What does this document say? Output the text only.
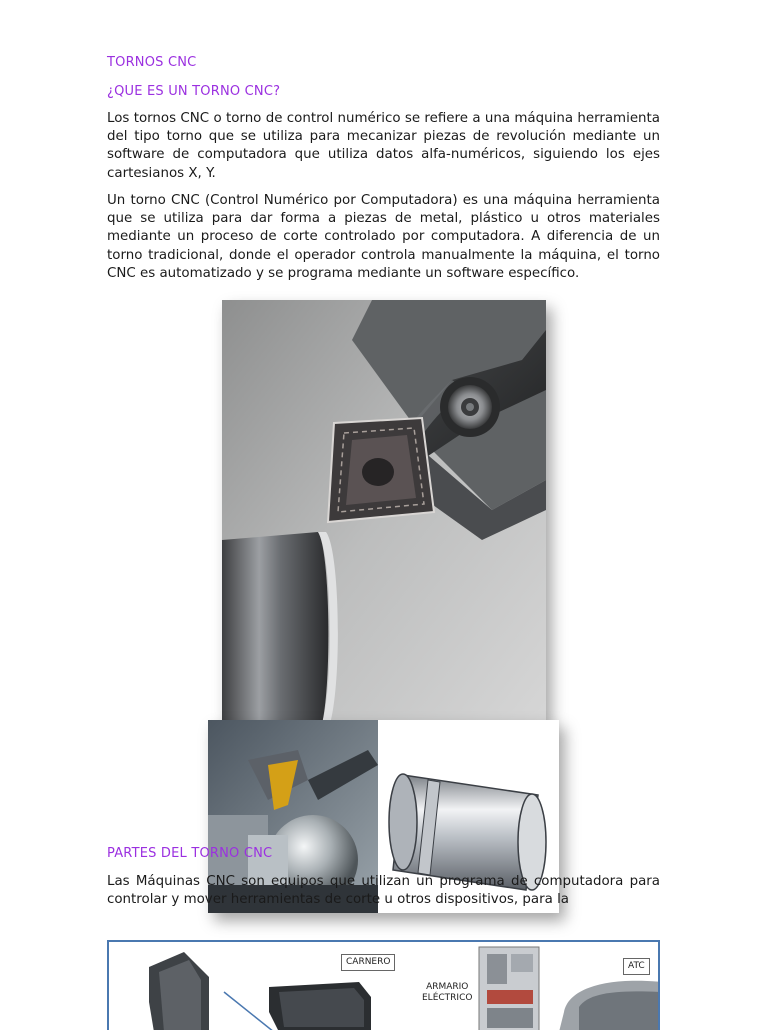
TORNOS CNC
¿QUE ES UN TORNO CNC?

Los tornos CNC o torno de control numérico se refiere a una máquina herramienta del tipo torno que se utiliza para mecanizar piezas de revolución mediante un software de computadora que utiliza datos alfa-numéricos, siguiendo los ejes cartesianos X, Y.

Un torno CNC (Control Numérico por Computadora) es una máquina herramienta que se utiliza para dar forma a piezas de metal, plástico u otros materiales mediante un proceso de corte controlado por computadora. A diferencia de un torno tradicional, donde el operador controla manualmente la máquina, el torno CNC es automatizado y se programa mediante un software específico.

PARTES DEL TORNO CNC

Las Máquinas CNC son equipos que utilizan un programa de computadora para controlar y mover herramientas de corte u otros dispositivos, para la

CARNERO
ARMARIO
ELÉCTRICO
ATC
